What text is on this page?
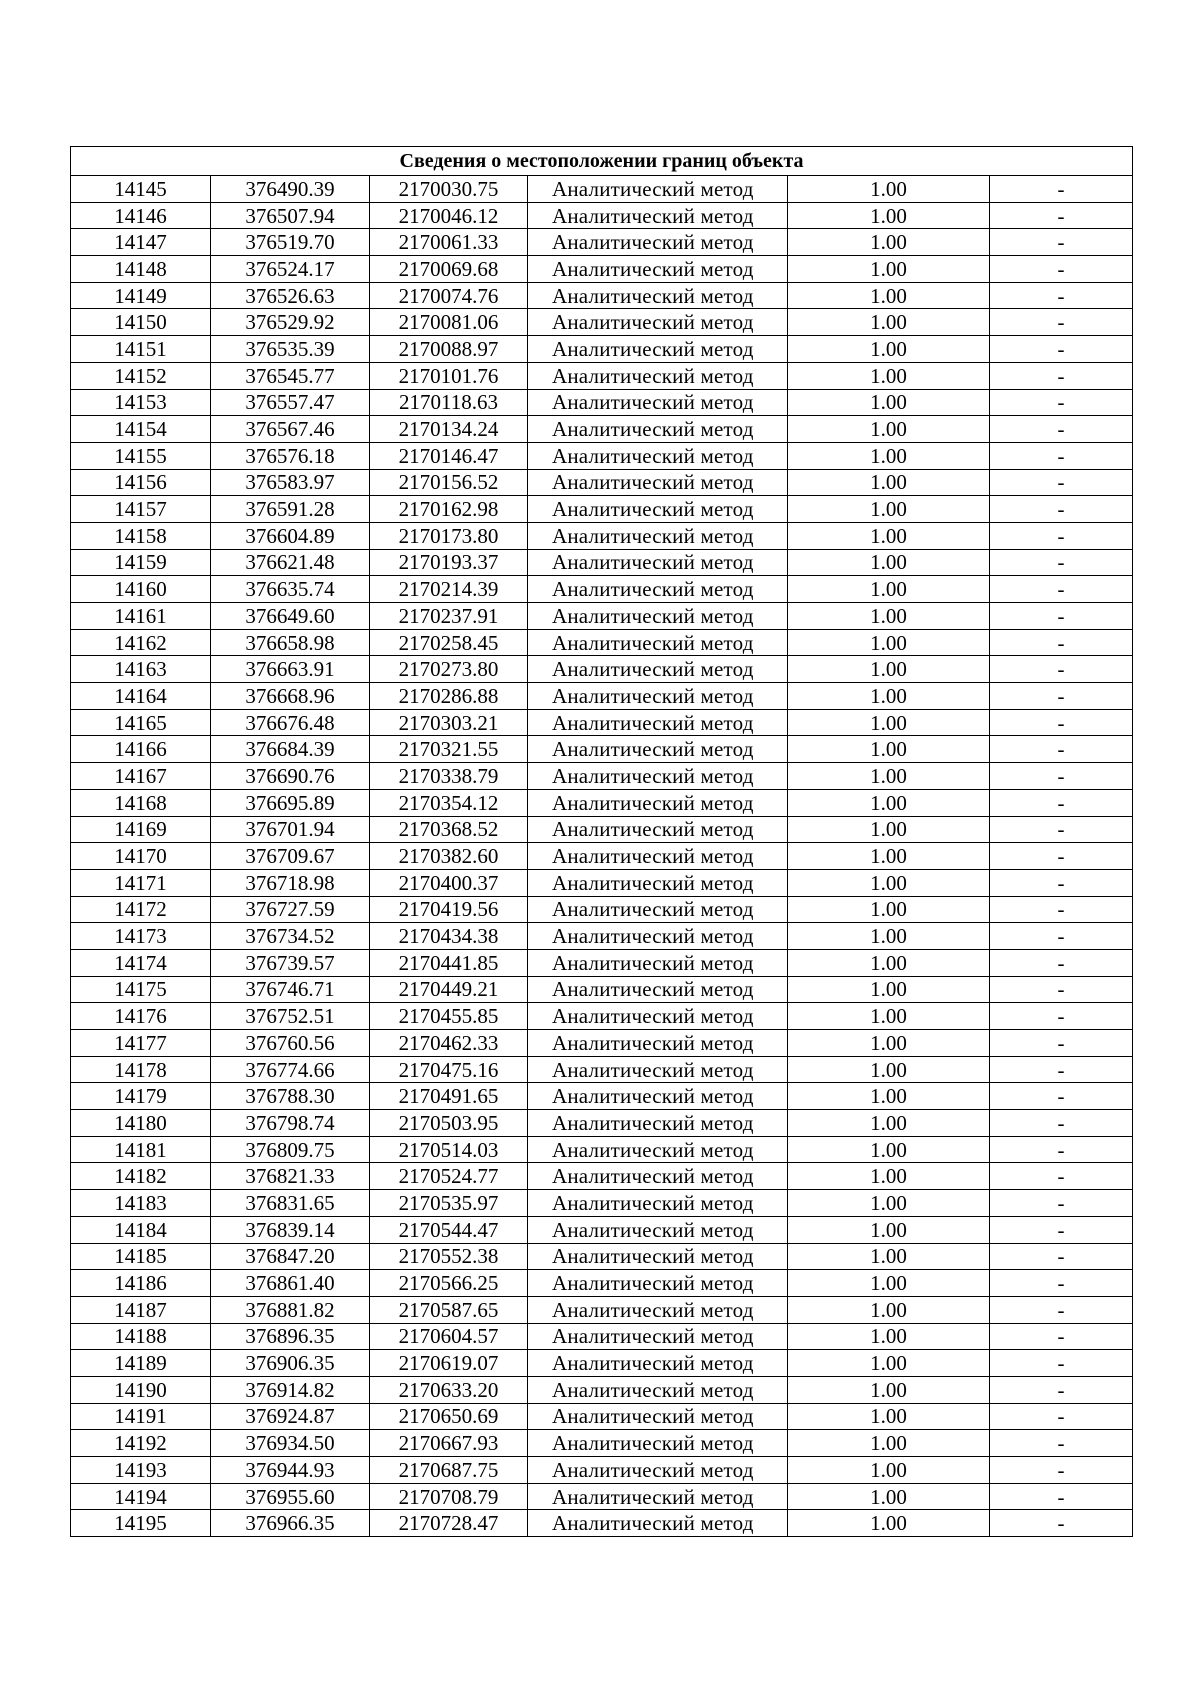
Сведения о местоположении границ объекта					
14145	376490.39	2170030.75	Аналитический метод	1.00	-
14146	376507.94	2170046.12	Аналитический метод	1.00	-
14147	376519.70	2170061.33	Аналитический метод	1.00	-
14148	376524.17	2170069.68	Аналитический метод	1.00	-
14149	376526.63	2170074.76	Аналитический метод	1.00	-
14150	376529.92	2170081.06	Аналитический метод	1.00	-
14151	376535.39	2170088.97	Аналитический метод	1.00	-
14152	376545.77	2170101.76	Аналитический метод	1.00	-
14153	376557.47	2170118.63	Аналитический метод	1.00	-
14154	376567.46	2170134.24	Аналитический метод	1.00	-
14155	376576.18	2170146.47	Аналитический метод	1.00	-
14156	376583.97	2170156.52	Аналитический метод	1.00	-
14157	376591.28	2170162.98	Аналитический метод	1.00	-
14158	376604.89	2170173.80	Аналитический метод	1.00	-
14159	376621.48	2170193.37	Аналитический метод	1.00	-
14160	376635.74	2170214.39	Аналитический метод	1.00	-
14161	376649.60	2170237.91	Аналитический метод	1.00	-
14162	376658.98	2170258.45	Аналитический метод	1.00	-
14163	376663.91	2170273.80	Аналитический метод	1.00	-
14164	376668.96	2170286.88	Аналитический метод	1.00	-
14165	376676.48	2170303.21	Аналитический метод	1.00	-
14166	376684.39	2170321.55	Аналитический метод	1.00	-
14167	376690.76	2170338.79	Аналитический метод	1.00	-
14168	376695.89	2170354.12	Аналитический метод	1.00	-
14169	376701.94	2170368.52	Аналитический метод	1.00	-
14170	376709.67	2170382.60	Аналитический метод	1.00	-
14171	376718.98	2170400.37	Аналитический метод	1.00	-
14172	376727.59	2170419.56	Аналитический метод	1.00	-
14173	376734.52	2170434.38	Аналитический метод	1.00	-
14174	376739.57	2170441.85	Аналитический метод	1.00	-
14175	376746.71	2170449.21	Аналитический метод	1.00	-
14176	376752.51	2170455.85	Аналитический метод	1.00	-
14177	376760.56	2170462.33	Аналитический метод	1.00	-
14178	376774.66	2170475.16	Аналитический метод	1.00	-
14179	376788.30	2170491.65	Аналитический метод	1.00	-
14180	376798.74	2170503.95	Аналитический метод	1.00	-
14181	376809.75	2170514.03	Аналитический метод	1.00	-
14182	376821.33	2170524.77	Аналитический метод	1.00	-
14183	376831.65	2170535.97	Аналитический метод	1.00	-
14184	376839.14	2170544.47	Аналитический метод	1.00	-
14185	376847.20	2170552.38	Аналитический метод	1.00	-
14186	376861.40	2170566.25	Аналитический метод	1.00	-
14187	376881.82	2170587.65	Аналитический метод	1.00	-
14188	376896.35	2170604.57	Аналитический метод	1.00	-
14189	376906.35	2170619.07	Аналитический метод	1.00	-
14190	376914.82	2170633.20	Аналитический метод	1.00	-
14191	376924.87	2170650.69	Аналитический метод	1.00	-
14192	376934.50	2170667.93	Аналитический метод	1.00	-
14193	376944.93	2170687.75	Аналитический метод	1.00	-
14194	376955.60	2170708.79	Аналитический метод	1.00	-
14195	376966.35	2170728.47	Аналитический метод	1.00	-
